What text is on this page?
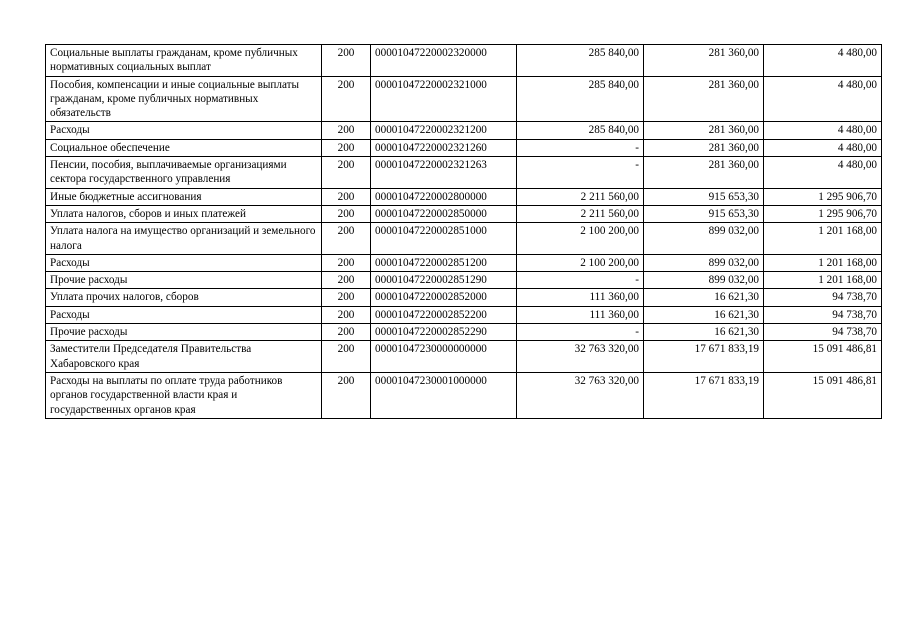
Социальные выплаты гражданам, кроме публичных нормативных социальных выплат	200	00001047220002320000	285 840,00	281 360,00	4 480,00
Пособия, компенсации и иные социальные выплаты гражданам, кроме публичных нормативных обязательств	200	00001047220002321000	285 840,00	281 360,00	4 480,00
Расходы	200	00001047220002321200	285 840,00	281 360,00	4 480,00
Социальное обеспечение	200	00001047220002321260	-	281 360,00	4 480,00
Пенсии, пособия, выплачиваемые организациями сектора государственного управления	200	00001047220002321263	-	281 360,00	4 480,00
Иные бюджетные ассигнования	200	00001047220002800000	2 211 560,00	915 653,30	1 295 906,70
Уплата налогов, сборов и иных платежей	200	00001047220002850000	2 211 560,00	915 653,30	1 295 906,70
Уплата налога на имущество организаций и земельного налога	200	00001047220002851000	2 100 200,00	899 032,00	1 201 168,00
Расходы	200	00001047220002851200	2 100 200,00	899 032,00	1 201 168,00
Прочие расходы	200	00001047220002851290	-	899 032,00	1 201 168,00
Уплата прочих налогов, сборов	200	00001047220002852000	111 360,00	16 621,30	94 738,70
Расходы	200	00001047220002852200	111 360,00	16 621,30	94 738,70
Прочие расходы	200	00001047220002852290	-	16 621,30	94 738,70
Заместители Председателя Правительства Хабаровского края	200	00001047230000000000	32 763 320,00	17 671 833,19	15 091 486,81
Расходы на выплаты по оплате труда работников органов государственной власти края и государственных органов края	200	00001047230001000000	32 763 320,00	17 671 833,19	15 091 486,81
